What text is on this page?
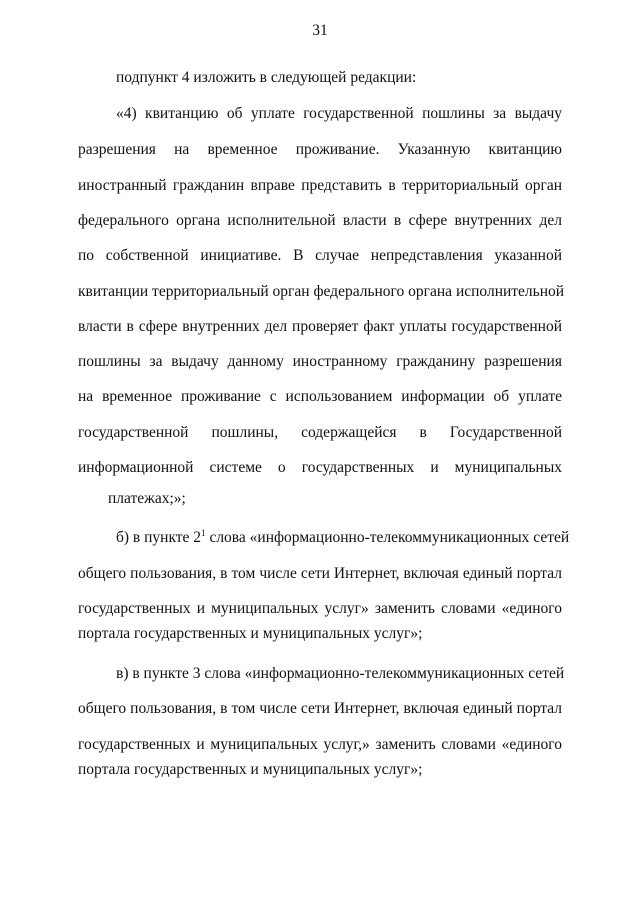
31
подпункт 4 изложить в следующей редакции:
«4) квитанцию об уплате государственной пошлины за выдачу
разрешения на временное проживание. Указанную квитанцию
иностранный гражданин вправе представить в территориальный орган
федерального органа исполнительной власти в сфере внутренних дел
по собственной инициативе. В случае непредставления указанной
квитанции территориальный орган федерального органа исполнительной
власти в сфере внутренних дел проверяет факт уплаты государственной
пошлины за выдачу данному иностранному гражданину разрешения
на временное проживание с использованием информации об уплате
государственной пошлины, содержащейся в Государственной
информационной системе о государственных и муниципальных
платежах;»;
б) в пункте $2^1$ слова «информационно-телекоммуникационных сетей
общего пользования, в том числе сети Интернет, включая единый портал
государственных и муниципальных услуг» заменить словами «единого
портала государственных и муниципальных услуг»;
в) в пункте 3 слова «информационно-телекоммуникационных сетей
общего пользования, в том числе сети Интернет, включая единый портал
государственных и муниципальных услуг,» заменить словами «единого
портала государственных и муниципальных услуг»;
